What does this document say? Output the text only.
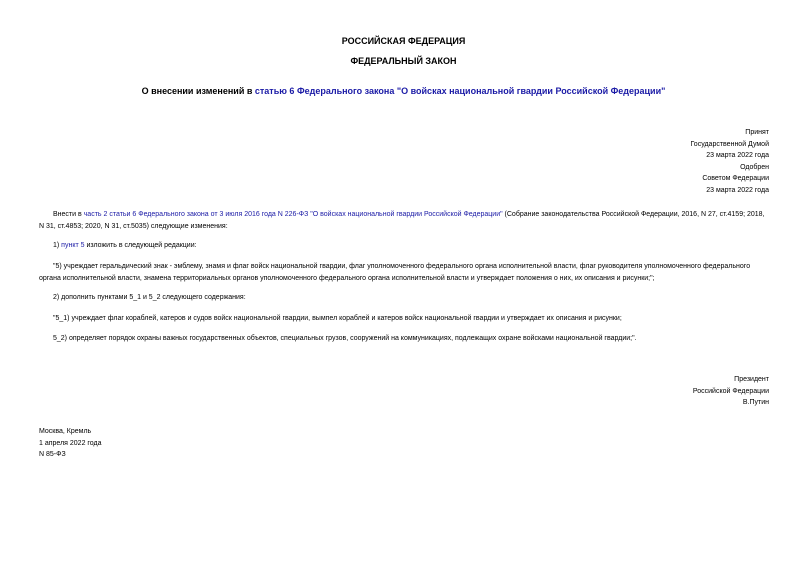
РОССИЙСКАЯ ФЕДЕРАЦИЯ
ФЕДЕРАЛЬНЫЙ ЗАКОН
О внесении изменений в статью 6 Федерального закона "О войсках национальной гвардии Российской Федерации"
Принят
Государственной Думой
23 марта 2022 года
Одобрен
Советом Федерации
23 марта 2022 года

Внести в часть 2 статьи 6 Федерального закона от 3 июля 2016 года N 226-ФЗ "О войсках национальной гвардии Российской Федерации" (Собрание законодательства Российской Федерации, 2016, N 27, ст.4159; 2018, N 31, ст.4853; 2020, N 31, ст.5035) следующие изменения:

1) пункт 5 изложить в следующей редакции:

"5) учреждает геральдический знак - эмблему, знамя и флаг войск национальной гвардии, флаг уполномоченного федерального органа исполнительной власти, флаг руководителя уполномоченного федерального органа исполнительной власти, знамена территориальных органов уполномоченного федерального органа исполнительной власти и утверждает положения о них, их описания и рисунки;";

2) дополнить пунктами 5_1 и 5_2 следующего содержания:

"5_1) учреждает флаг кораблей, катеров и судов войск национальной гвардии, вымпел кораблей и катеров войск национальной гвардии и утверждает их описания и рисунки;

5_2) определяет порядок охраны важных государственных объектов, специальных грузов, сооружений на коммуникациях, подлежащих охране войсками национальной гвардии;".

Президент
Российской Федерации
В.Путин
Москва, Кремль
1 апреля 2022 года
N 85-ФЗ
